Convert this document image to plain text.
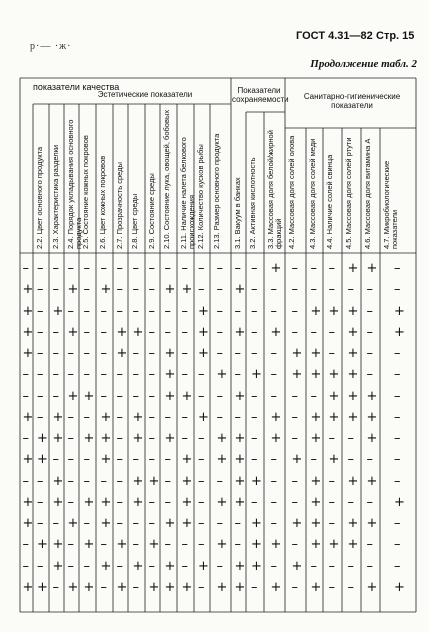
ГОСТ 4.31—82 Стр. 15
р·— ·ж·
Продолжение табл. 2
показатели качества
Эстетические показатели	Показатели сохраняемости	Санитарно-гигиенические показатели
2.2. Цвет основного продукта 2.3. Характеристика разделки 2.4. Порядок укладывания основного продукта
2.5. Состояние кожных покровов 2.6. Цвет кожных покровов 2.7. Прозрачность среды 2.8. Цвет среды 2.9. Состояние среды 2.10. Состояние лука, овощей, бобовых 2.11. Наличие налета белкового происхождения 2.12. Количество кусков рыбы 2.13. Размер основного продукта 3.1. Вакуум в банках 3.2. Активная кислотность 3.3. Массовая доля белой/жирной фракций 4.2. Массовая доля солей олова 4.3. Массовая доля солей меди 4.4. Наличие солей свинца 4.5. Массовая доля солей ртути 4.6. Массовая доля витамина А 4.7. Микробиологические показатели
– – – – – – – – – – – – – – – + – – – + + –
+ – – + – + – – – + + – – + – – – – – – – –
+ – + – – – – – – – – + – – – – – + + + – +
+ – – + – – + + – – – + – + – + – – – + – +
+ – – – – – + – – + – + – – – – + + – + – –
– – – – – – – – – + – – + – + – + + + + – –
– – – + + – – – – + + – – + – – – – + + + –
+ – + – – + – + – – – + – – – + – + + + + –
– + + – + + – + – + – – + + – + – + – – + –
+ + – – – + – – – – + – + + – – + – + – – –
– – + – – – – + + – + – – + + – – + – + + –
+ – + – + + – + – – + – + + – – – + – – – +
+ – – + – + – – – + + – – – + – + + – + + –
– + + – + – + – + – – – + – + + – + + + – –
– – + – – + – + – + – + – + + – + – – – – –
+ + – + + – + – + + + – + + – + – + – – + +
